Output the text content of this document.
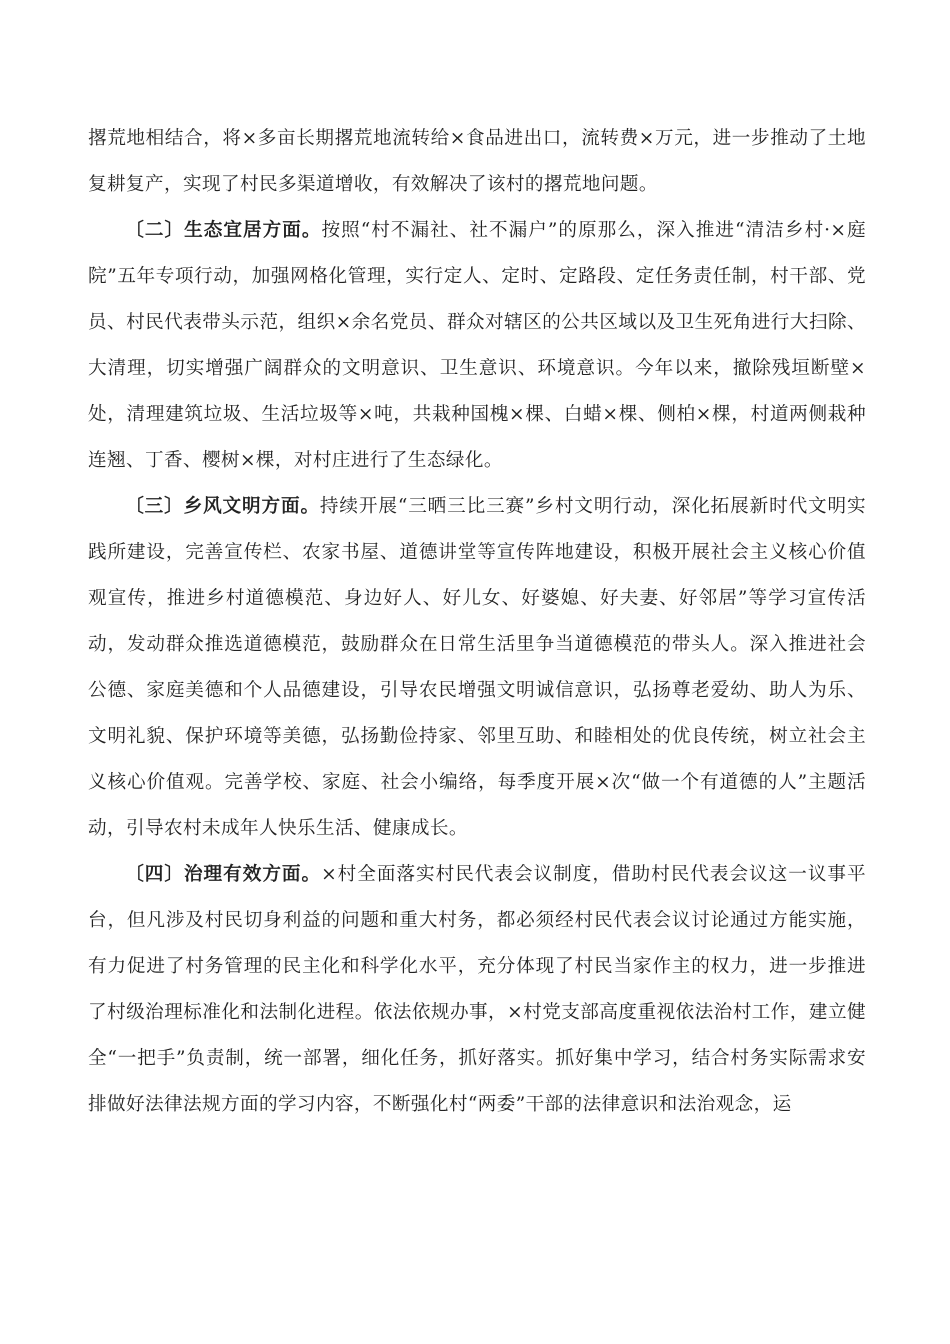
撂荒地相结合，将×多亩长期撂荒地流转给×食品进出口，流转费×万元，进一步推动了土地复耕复产，实现了村民多渠道增收，有效解决了该村的撂荒地问题。

〔二〕生态宜居方面。按照“村不漏社、社不漏户”的原那么，深入推进“清洁乡村·×庭院”五年专项行动，加强网格化管理，实行定人、定时、定路段、定任务责任制，村干部、党员、村民代表带头示范，组织×余名党员、群众对辖区的公共区域以及卫生死角进行大扫除、大清理，切实增强广阔群众的文明意识、卫生意识、环境意识。今年以来，撤除残垣断壁×处，清理建筑垃圾、生活垃圾等×吨，共栽种国槐×棵、白蜡×棵、侧柏×棵，村道两侧栽种连翘、丁香、樱树×棵，对村庄进行了生态绿化。

〔三〕乡风文明方面。持续开展“三晒三比三赛”乡村文明行动，深化拓展新时代文明实践所建设，完善宣传栏、农家书屋、道德讲堂等宣传阵地建设，积极开展社会主义核心价值观宣传，推进乡村道德模范、身边好人、好儿女、好婆媳、好夫妻、好邻居”等学习宣传活动，发动群众推选道德模范，鼓励群众在日常生活里争当道德模范的带头人。深入推进社会公德、家庭美德和个人品德建设，引导农民增强文明诚信意识，弘扬尊老爱幼、助人为乐、文明礼貌、保护环境等美德，弘扬勤俭持家、邻里互助、和睦相处的优良传统，树立社会主义核心价值观。完善学校、家庭、社会小编络，每季度开展×次“做一个有道德的人”主题活动，引导农村未成年人快乐生活、健康成长。

〔四〕治理有效方面。×村全面落实村民代表会议制度，借助村民代表会议这一议事平台，但凡涉及村民切身利益的问题和重大村务，都必须经村民代表会议讨论通过方能实施，有力促进了村务管理的民主化和科学化水平，充分体现了村民当家作主的权力，进一步推进了村级治理标准化和法制化进程。依法依规办事，×村党支部高度重视依法治村工作，建立健全“一把手”负责制，统一部署，细化任务，抓好落实。抓好集中学习，结合村务实际需求安排做好法律法规方面的学习内容，不断强化村“两委”干部的法律意识和法治观念，运
